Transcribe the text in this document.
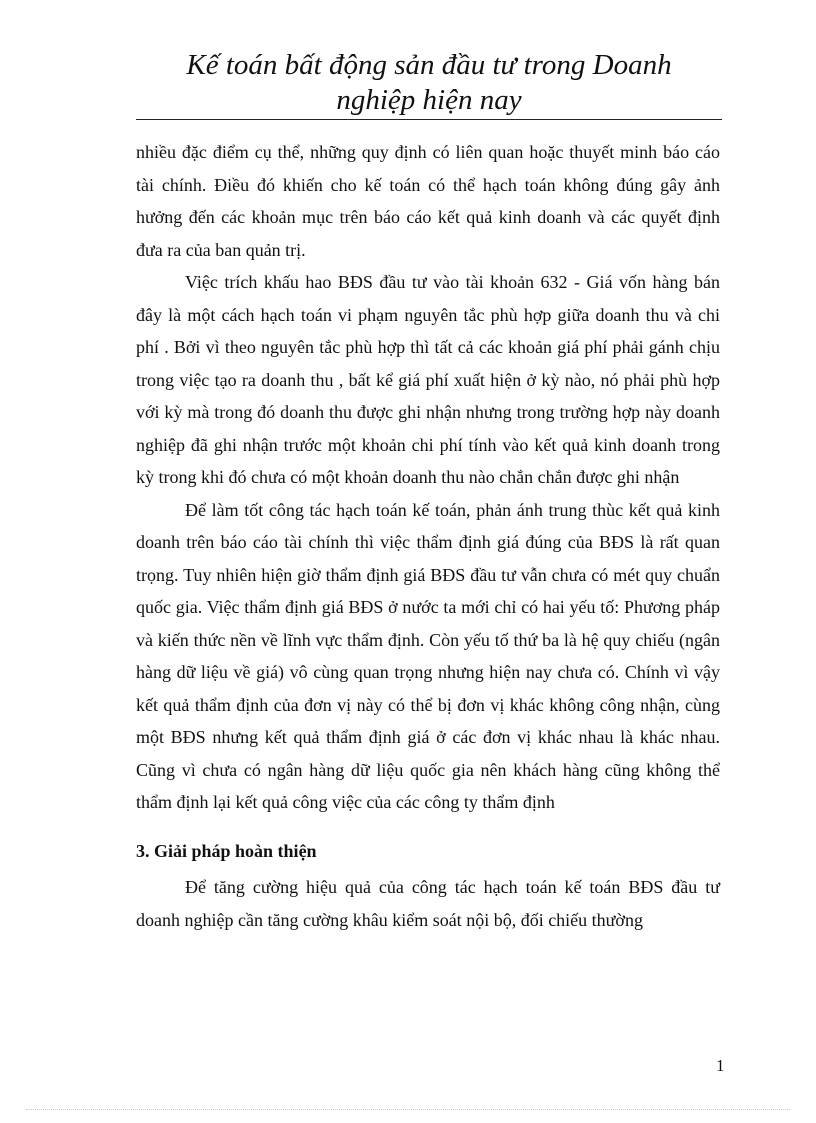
Kế toán bất động sản đầu tư trong Doanh
nghiệp hiện nay

nhiều đặc điểm cụ thể, những quy định có liên quan hoặc thuyết minh báo cáo tài chính. Điều đó khiến cho kế toán có thể hạch toán không đúng gây ảnh hưởng đến các khoản mục trên báo cáo kết quả kinh doanh và các quyết định đưa ra của ban quản trị.

Việc trích khấu hao BĐS đầu tư vào tài khoản 632 - Giá vốn hàng bán đây là một cách hạch toán vi phạm nguyên tắc phù hợp giữa doanh thu và chi phí . Bởi vì theo nguyên tắc phù hợp thì tất cả các khoản giá phí phải gánh chịu trong việc tạo ra doanh thu , bất kể giá phí xuất hiện ở kỳ nào, nó phải phù hợp với kỳ mà trong đó doanh thu được ghi nhận nhưng trong trường hợp này doanh nghiệp đã ghi nhận trước một khoản chi phí tính vào kết quả kinh doanh trong kỳ trong khi đó chưa có một khoản doanh thu nào chắn chắn được ghi nhận

Để làm tốt công tác hạch toán kế toán, phản ánh trung thùc kết quả kinh doanh trên báo cáo tài chính thì việc thẩm định giá đúng của BĐS là rất quan trọng. Tuy nhiên hiện giờ thẩm định giá BĐS đầu tư vẫn chưa có mét quy chuẩn quốc gia. Việc thẩm định giá BĐS ở nước ta mới chỉ có hai yếu tố: Phương pháp và kiến thức nền về lĩnh vực thẩm định. Còn yếu tố thứ ba là hệ quy chiếu (ngân hàng dữ liệu về giá) vô cùng quan trọng nhưng hiện nay chưa có. Chính vì vậy kết quả thẩm định của đơn vị này có thể bị đơn vị khác không công nhận, cùng một BĐS nhưng kết quả thẩm định giá ở các đơn vị khác nhau là khác nhau. Cũng vì chưa có ngân hàng dữ liệu quốc gia nên khách hàng cũng không thể thẩm định lại kết quả công việc của các công ty thẩm định

3. Giải pháp hoàn thiện

Để tăng cường hiệu quả của công tác hạch toán kế toán BĐS đầu tư doanh nghiệp cần tăng cường khâu kiểm soát nội bộ, đối chiếu thường

1
